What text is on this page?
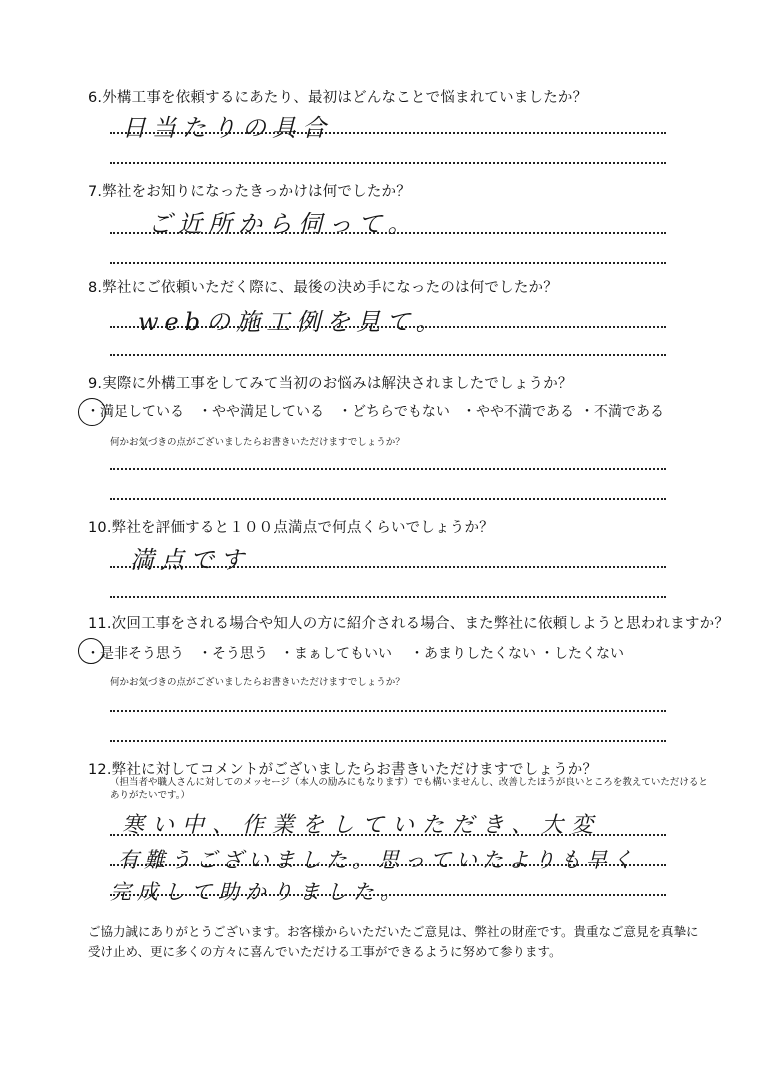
6.外構工事を依頼するにあたり、最初はどんなことで悩まれていましたか？
日当たりの具合
7.弊社をお知りになったきっかけは何でしたか？
ご近所から伺って。
8.弊社にご依頼いただく際に、最後の決め手になったのは何でしたか？
webの施工例を見て。
9.実際に外構工事をしてみて当初のお悩みは解決されましたでしょうか？
・満足している ・やや満足している ・どちらでもない ・やや不満である ・不満である
何かお気づきの点がございましたらお書きいただけますでしょうか？
10.弊社を評価すると１００点満点で何点くらいでしょうか？
満点です
11.次回工事をされる場合や知人の方に紹介される場合、また弊社に依頼しようと思われますか？
・是非そう思う ・そう思う ・まぁしてもいい ・あまりしたくない ・したくない
何かお気づきの点がございましたらお書きいただけますでしょうか？
12.弊社に対してコメントがございましたらお書きいただけますでしょうか？
（担当者や職人さんに対してのメッセージ（本人の励みにもなります）でも構いませんし、改善したほうが良いところを教えていただけるとありがたいです。）
寒い中、作業をしていただき、大変
有難うございました。思っていたよりも早く
完成して助かりました。
ご協力誠にありがとうございます。お客様からいただいたご意見は、弊社の財産です。貴重なご意見を真摯に受け止め、更に多くの方々に喜んでいただける工事ができるように努めて参ります。
